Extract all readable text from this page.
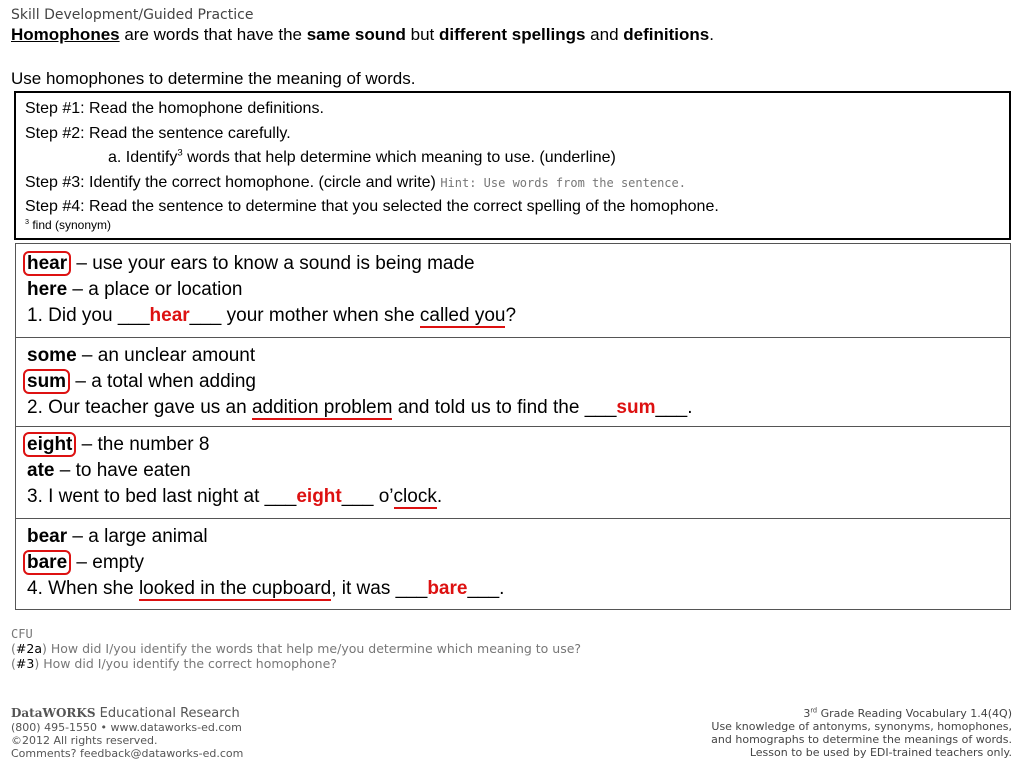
Skill Development/Guided Practice
Homophones are words that have the same sound but different spellings and definitions.
Use homophones to determine the meaning of words.
Step #1: Read the homophone definitions.
Step #2: Read the sentence carefully.
a. Identify$^3$ words that help determine which meaning to use. (underline)
Step #3: Identify the correct homophone. (circle and write) Hint: Use words from the sentence.
Step #4: Read the sentence to determine that you selected the correct spelling of the homophone.
$^3$ find (synonym)
hear – use your ears to know a sound is being made
here – a place or location
1. Did you ___hear___ your mother when she called you?
some – an unclear amount
sum – a total when adding
2. Our teacher gave us an addition problem and told us to find the ___sum___.
eight – the number 8
ate – to have eaten
3. I went to bed last night at ___eight___ o’clock.
bear – a large animal
bare – empty
4. When she looked in the cupboard, it was ___bare___.
CFU
(#2a) How did I/you identify the words that help me/you determine which meaning to use?
(#3) How did I/you identify the correct homophone?
DataWORKS Educational Research
(800) 495-1550 • www.dataworks-ed.com
©2012 All rights reserved.
Comments? feedback@dataworks-ed.com
3rd Grade Reading Vocabulary 1.4(4Q)
Use knowledge of antonyms, synonyms, homophones,
and homographs to determine the meanings of words.
Lesson to be used by EDI-trained teachers only.
